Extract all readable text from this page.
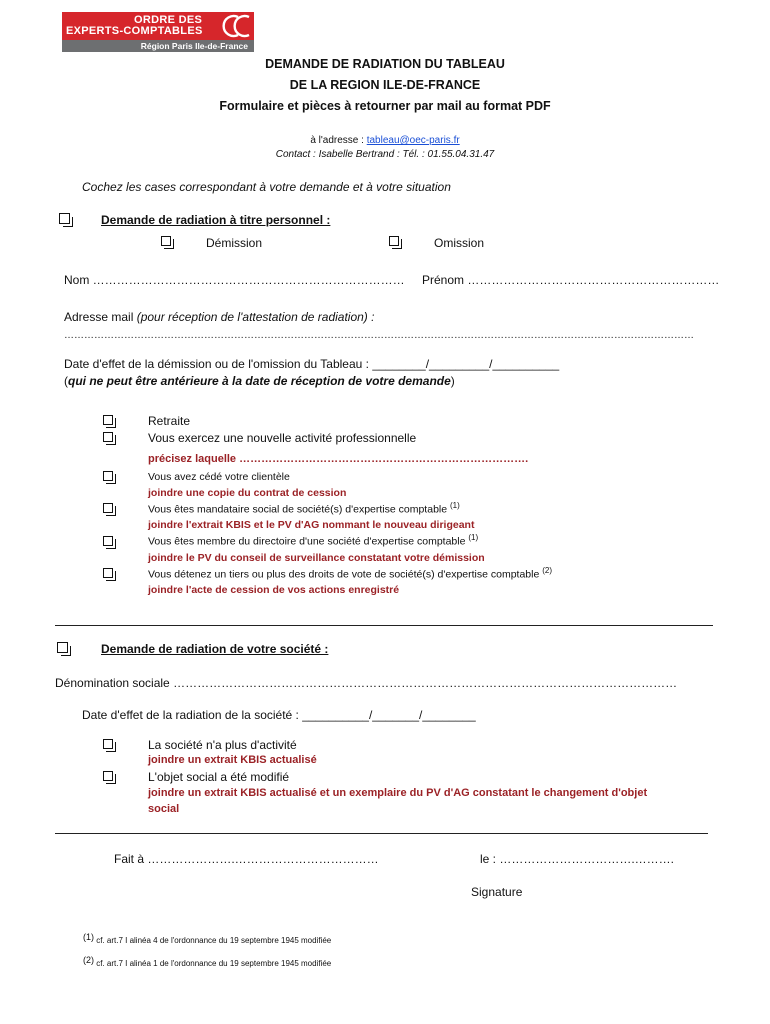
ORDRE DES
EXPERTS-COMPTABLES
Région Paris Ile-de-France
DEMANDE DE RADIATION DU TABLEAU
DE LA REGION ILE-DE-FRANCE
Formulaire et pièces à retourner par mail au format PDF
à l'adresse : tableau@oec-paris.fr
Contact : Isabelle Bertrand : Tél. : 01.55.04.31.47
Cochez les cases correspondant à votre demande et à votre situation
Demande de radiation à titre personnel :
Démission	Omission
Nom …………………………………………………………………… Prénom ………………………………………………………
Adresse mail (pour réception de l'attestation de radiation) :
………………………………………………………………………………………………………………………………………………………………………
Date d'effet de la démission ou de l'omission du Tableau : ________/_________/__________
(qui ne peut être antérieure à la date de réception de votre demande)
Retraite
Vous exercez une nouvelle activité professionnelle
précisez laquelle …………………………………………………………………….
Vous avez cédé votre clientèle
joindre une copie du contrat de cession
Vous êtes mandataire social de société(s) d'expertise comptable $^{(1)}$
joindre l'extrait KBIS et le PV d'AG nommant le nouveau dirigeant
Vous êtes membre du directoire d'une société d'expertise comptable $^{(1)}$
joindre le PV du conseil de surveillance constatant votre démission
Vous détenez un tiers ou plus des droits de vote de société(s) d'expertise comptable $^{(2)}$
joindre l'acte de cession de vos actions enregistré
Demande de radiation de votre société :
Dénomination sociale ………………………………………………………………………………………………………………
Date d'effet de la radiation de la société : __________/_______/________
La société n'a plus d'activité
joindre un extrait KBIS actualisé
L'objet social a été modifié
joindre un extrait KBIS actualisé et un exemplaire du PV d'AG constatant le changement d'objet
social
Fait à ………………….………………………………	le : …………………………….……….
Signature
(1) cf. art.7 I alinéa 4 de l'ordonnance du 19 septembre 1945 modifiée
(2) cf. art.7 I alinéa 1 de l'ordonnance du 19 septembre 1945 modifiée
